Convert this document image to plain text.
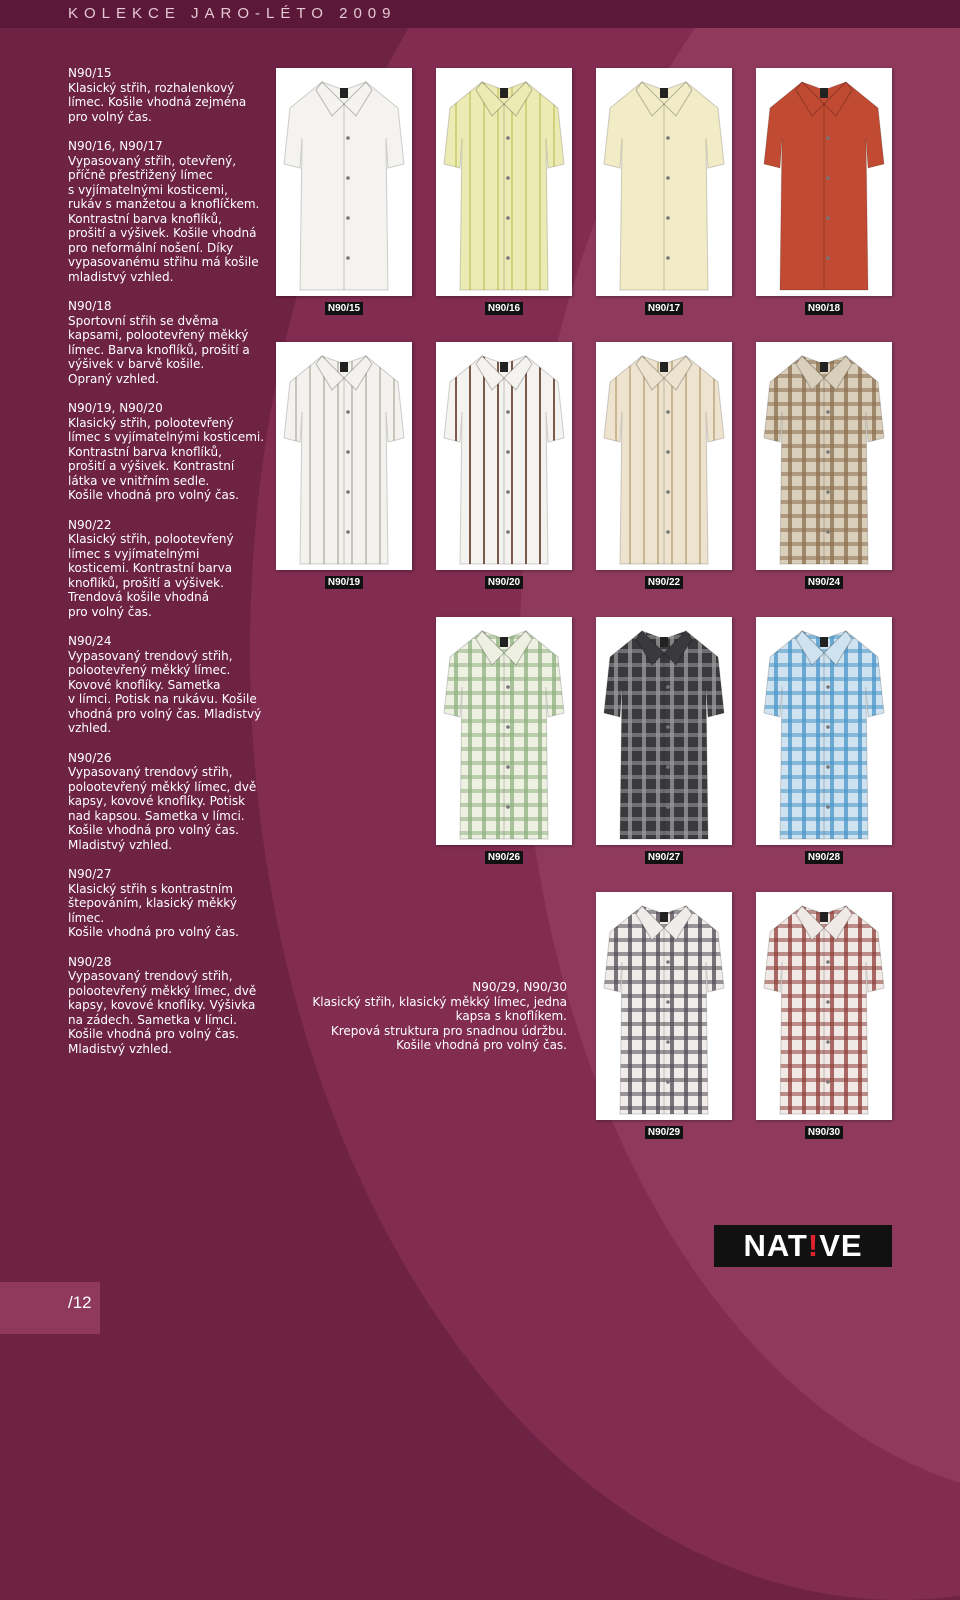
KOLEKCE JARO-LÉTO 2009
N90/15
Klasický střih, rozhalenkový
límec. Košile vhodná zejména
pro volný čas.
N90/16, N90/17
Vypasovaný střih, otevřený,
příčně přestřižený límec
s vyjímatelnými kosticemi,
rukáv s manžetou a knoflíčkem.
Kontrastní barva knoflíků,
prošití a výšivek. Košile vhodná
pro neformální nošení. Díky
vypasovanému střihu má košile
mladistvý vzhled.
N90/18
Sportovní střih se dvěma
kapsami, polootevřený měkký
límec. Barva knoflíků, prošití a
výšivek v barvě košile.
Opraný vzhled.
N90/19, N90/20
Klasický střih, polootevřený
límec s vyjímatelnými kosticemi.
Kontrastní barva knoflíků,
prošití a výšivek. Kontrastní
látka ve vnitřním sedle.
Košile vhodná pro volný čas.
N90/22
Klasický střih, polootevřený
límec s vyjímatelnými
kosticemi. Kontrastní barva
knoflíků, prošití a výšivek.
Trendová košile vhodná
pro volný čas.
N90/24
Vypasovaný trendový střih,
polootevřený měkký límec.
Kovové knoflíky. Sametka
v límci. Potisk na rukávu. Košile
vhodná pro volný čas. Mladistvý
vzhled.
N90/26
Vypasovaný trendový střih,
polootevřený měkký límec, dvě
kapsy, kovové knoflíky. Potisk
nad kapsou. Sametka v límci.
Košile vhodná pro volný čas.
Mladistvý vzhled.
N90/27
Klasický střih s kontrastním
štepováním, klasický měkký
límec.
Košile vhodná pro volný čas.
N90/28
Vypasovaný trendový střih,
polootevřený měkký límec, dvě
kapsy, kovové knoflíky. Výšivka
na zádech. Sametka v límci.
Košile vhodná pro volný čas.
Mladistvý vzhled.
N90/29, N90/30
Klasický střih, klasický měkký límec, jedna
kapsa s knoflíkem.
Krepová struktura pro snadnou údržbu.
Košile vhodná pro volný čas.
N90/15	N90/16	N90/17	N90/18
N90/19	N90/20	N90/22	N90/24
N90/26	N90/27	N90/28
N90/29	N90/30
NAT!VE
/12
